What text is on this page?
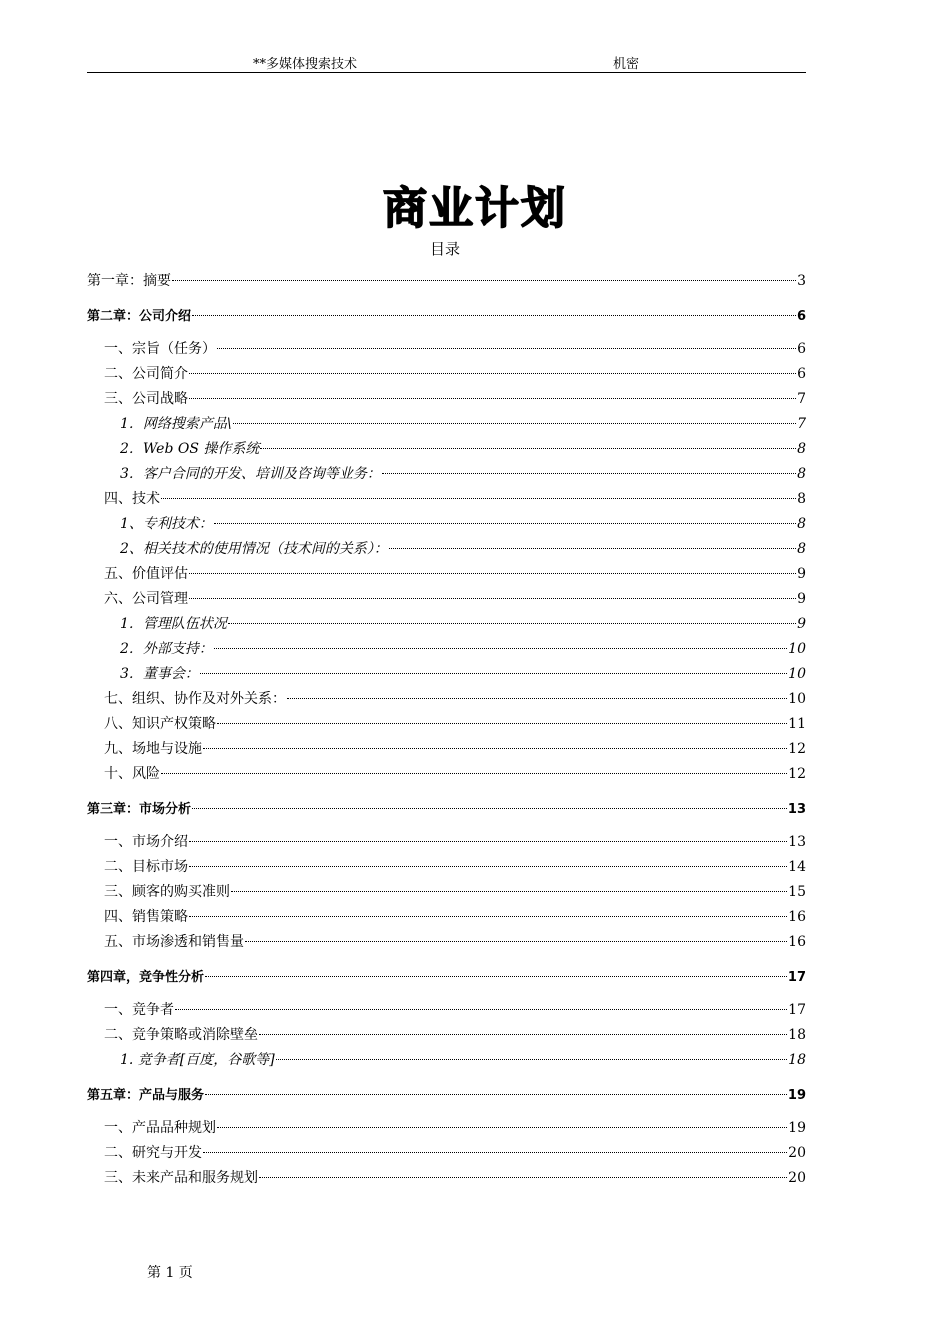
**多媒体搜索技术	机密
商业计划
目录
第一章：摘要	3
第二章：公司介绍	6
一、宗旨（任务）	6
二、公司简介	6
三、公司战略	7
1．网络搜索产品\	7
2．Web OS 操作系统	8
3．客户合同的开发、培训及咨询等业务：	8
四、技术	8
1、专利技术：	8
2、相关技术的使用情况（技术间的关系）：	8
五、价值评估	9
六、公司管理	9
1．管理队伍状况	9
2．外部支持：	10
3．董事会：	10
七、组织、协作及对外关系：	10
八、知识产权策略	11
九、场地与设施	12
十、风险	12
第三章：市场分析	13
一、市场介绍	13
二、目标市场	14
三、顾客的购买准则	15
四、销售策略	16
五、市场渗透和销售量	16
第四章，竞争性分析	17
一、竞争者	17
二、竞争策略或消除壁垒	18
1. 竞争者[百度，谷歌等]	18
第五章：产品与服务	19
一、产品品种规划	19
二、研究与开发	20
三、未来产品和服务规划	20
第 1 页
